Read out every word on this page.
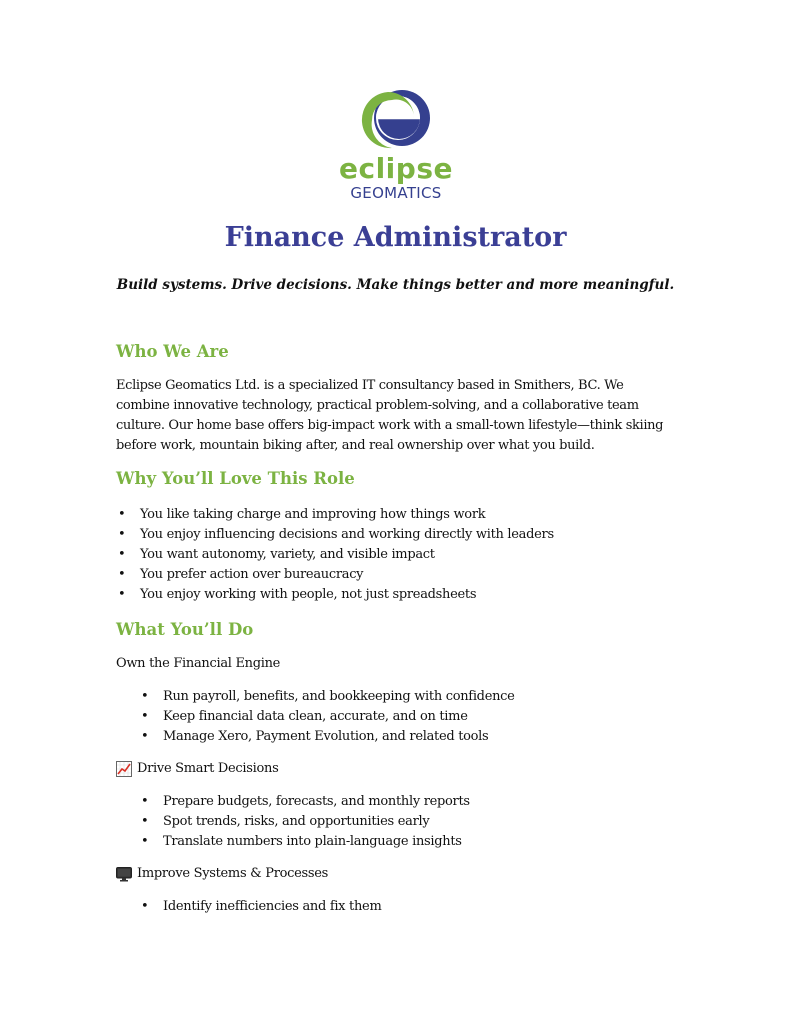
eclipse
GEOMATICS
Finance Administrator
Build systems. Drive decisions. Make things better and more meaningful.
Who We Are
Eclipse Geomatics Ltd. is a specialized IT consultancy based in Smithers, BC. We combine innovative technology, practical problem-solving, and a collaborative team culture. Our home base offers big-impact work with a small-town lifestyle—think skiing before work, mountain biking after, and real ownership over what you build.
Why You’ll Love This Role
• You like taking charge and improving how things work
• You enjoy influencing decisions and working directly with leaders
• You want autonomy, variety, and visible impact
• You prefer action over bureaucracy
• You enjoy working with people, not just spreadsheets
What You’ll Do
Own the Financial Engine
• Run payroll, benefits, and bookkeeping with confidence
• Keep financial data clean, accurate, and on time
• Manage Xero, Payment Evolution, and related tools
Drive Smart Decisions
• Prepare budgets, forecasts, and monthly reports
• Spot trends, risks, and opportunities early
• Translate numbers into plain-language insights
Improve Systems & Processes
• Identify inefficiencies and fix them
